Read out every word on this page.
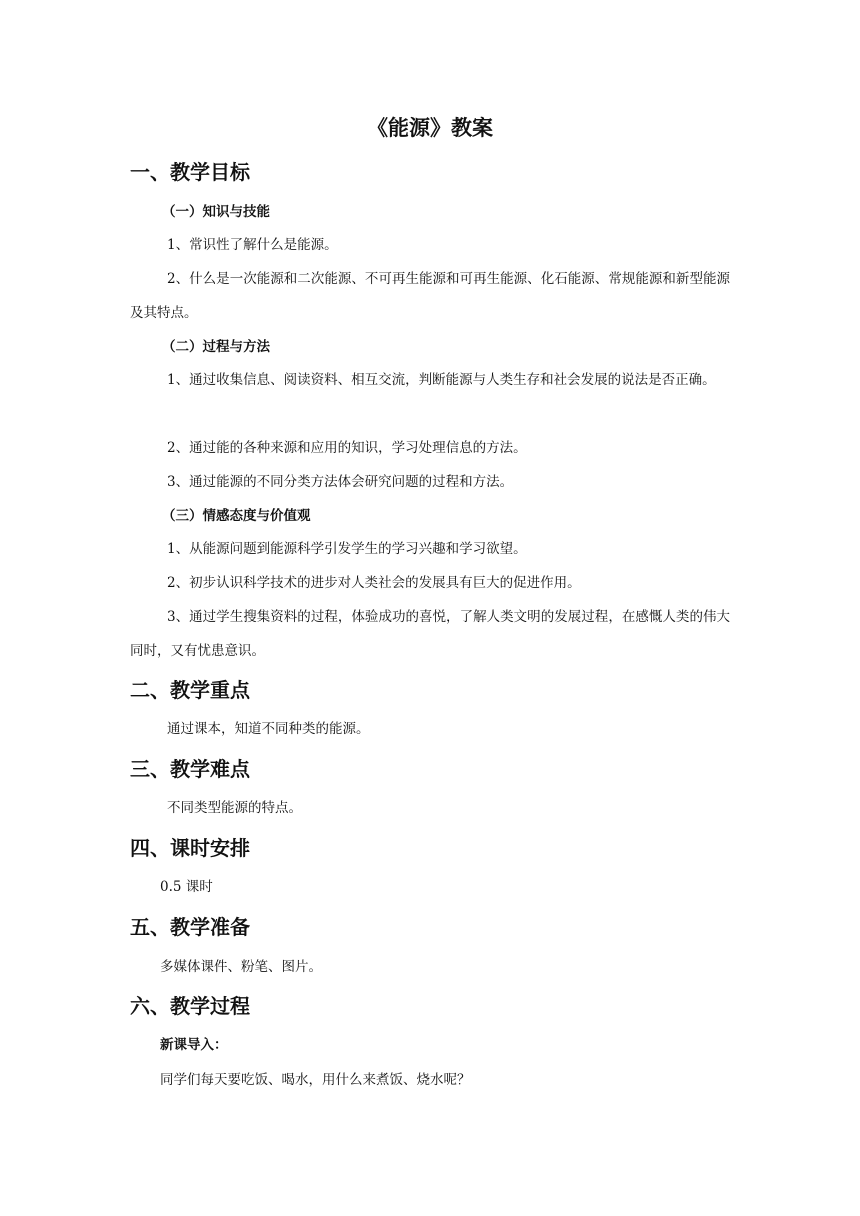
《能源》教案
一、教学目标
（一）知识与技能
1、常识性了解什么是能源。
2、什么是一次能源和二次能源、不可再生能源和可再生能源、化石能源、常规能源和新型能源及其特点。
（二）过程与方法
1、通过收集信息、阅读资料、相互交流，判断能源与人类生存和社会发展的说法是否正确。
2、通过能的各种来源和应用的知识，学习处理信息的方法。
3、通过能源的不同分类方法体会研究问题的过程和方法。
（三）情感态度与价值观
1、从能源问题到能源科学引发学生的学习兴趣和学习欲望。
2、初步认识科学技术的进步对人类社会的发展具有巨大的促进作用。
3、通过学生搜集资料的过程，体验成功的喜悦，了解人类文明的发展过程，在感慨人类的伟大同时，又有忧患意识。
二、教学重点
通过课本，知道不同种类的能源。
三、教学难点
不同类型能源的特点。
四、课时安排
0.5 课时
五、教学准备
多媒体课件、粉笔、图片。
六、教学过程
新课导入：
同学们每天要吃饭、喝水，用什么来煮饭、烧水呢？
